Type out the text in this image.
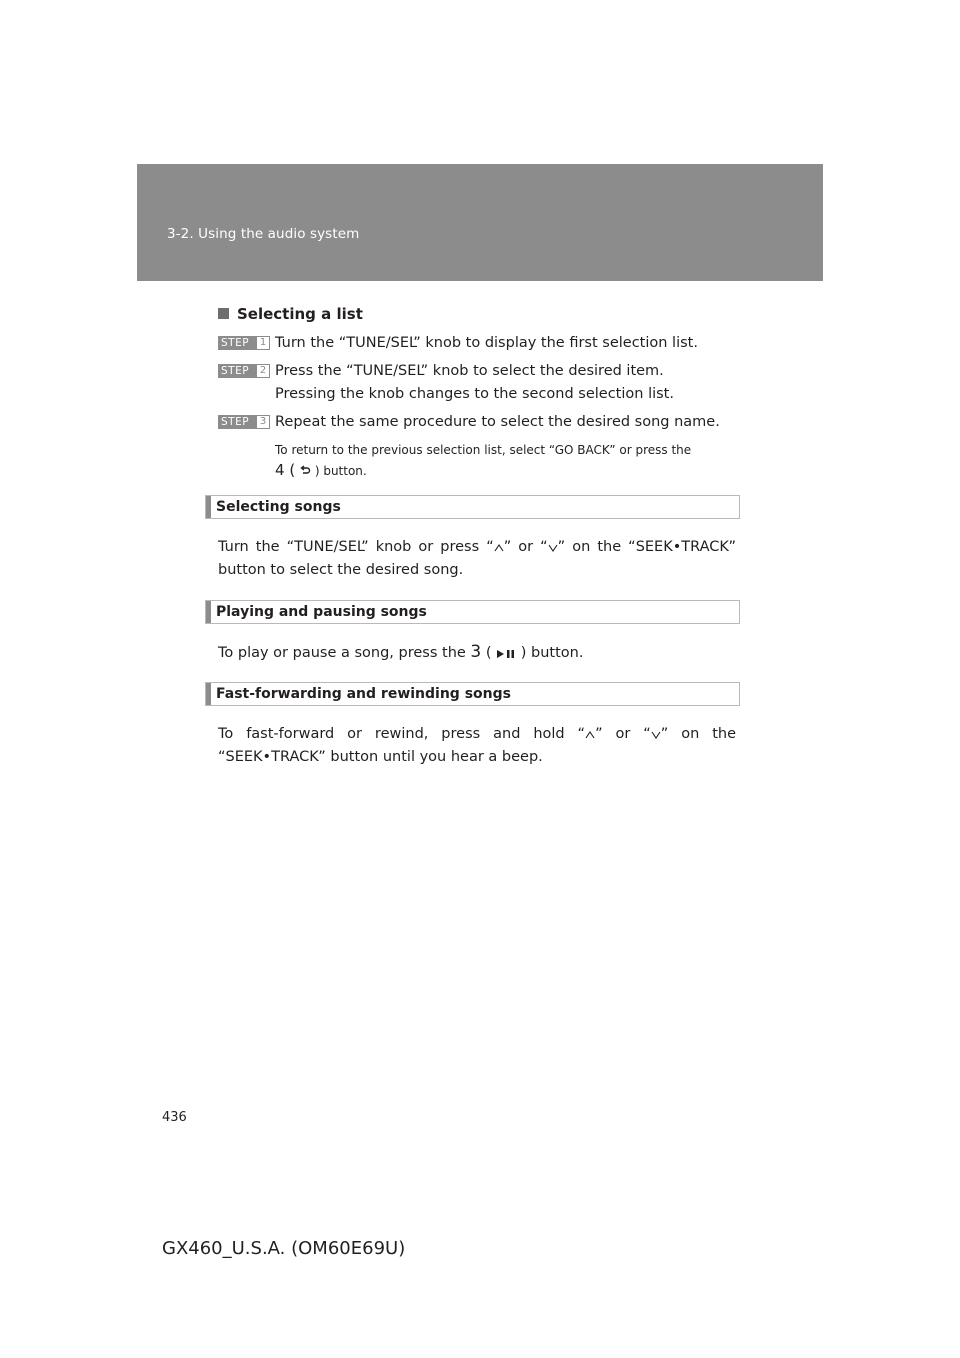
3-2. Using the audio system
Selecting a list
STEP 1 Turn the “TUNE/SEL” knob to display the first selection list.
STEP 2 Press the “TUNE/SEL” knob to select the desired item.
Pressing the knob changes to the second selection list.
STEP 3 Repeat the same procedure to select the desired song name.
To return to the previous selection list, select “GO BACK” or press the
4 ( ) button.
Selecting songs
Turn the “TUNE/SEL” knob or press “ ” or “ ” on the “SEEK•TRACK”
button to select the desired song.
Playing and pausing songs
To play or pause a song, press the 3 ( ) button.
Fast-forwarding and rewinding songs
To fast-forward or rewind, press and hold “ ” or “ ” on the
“SEEK•TRACK” button until you hear a beep.
436
GX460_U.S.A. (OM60E69U)
